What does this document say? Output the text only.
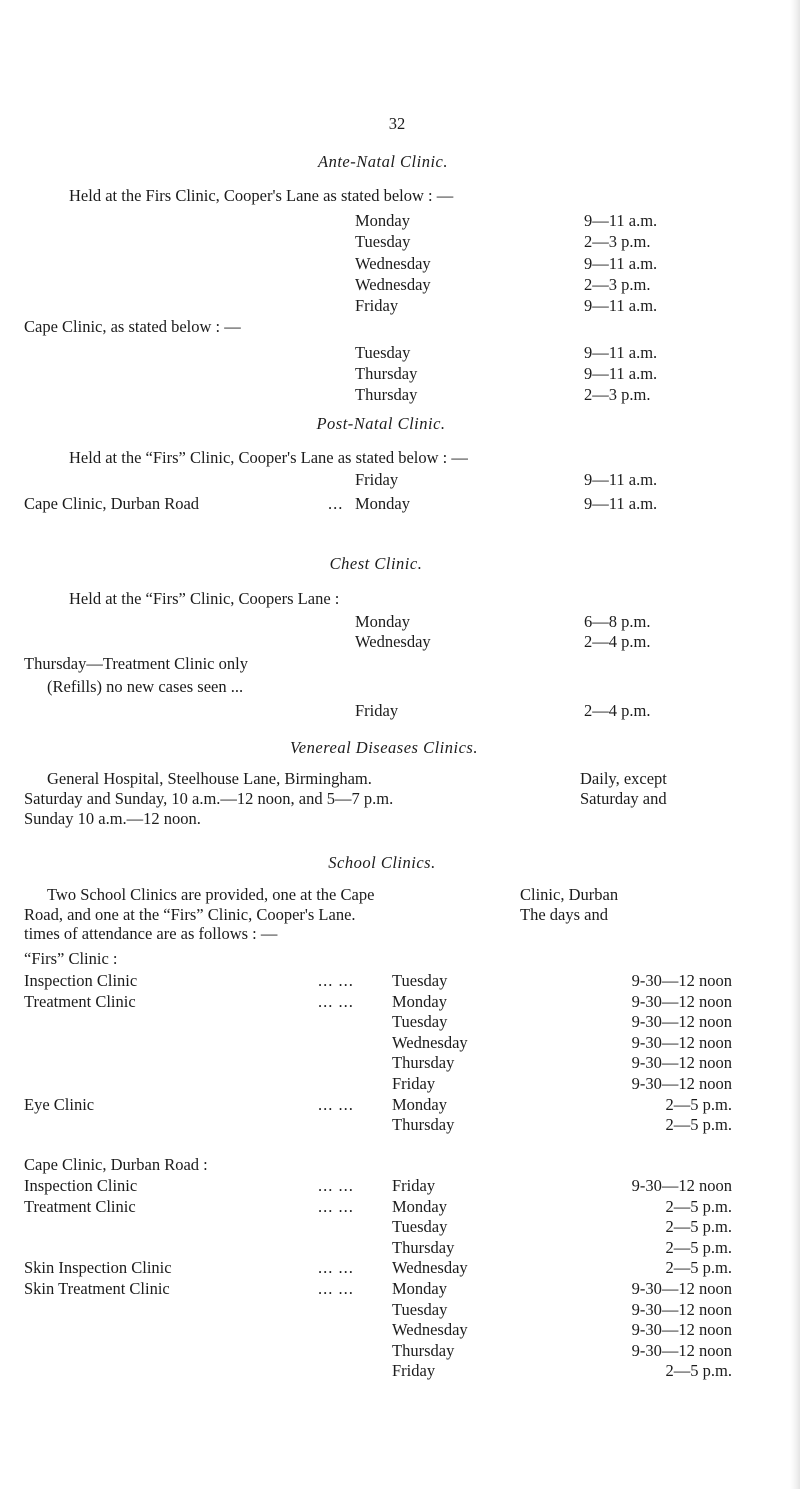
32
Ante-Natal Clinic.
Held at the Firs Clinic, Cooper's Lane as stated below : —
Monday	9—11 a.m.
Tuesday	2—3 p.m.
Wednesday	9—11 a.m.
Wednesday	2—3 p.m.
Friday	9—11 a.m.
Cape Clinic, as stated below : —
Tuesday	9—11 a.m.
Thursday	9—11 a.m.
Thursday	2—3 p.m.
Post-Natal Clinic.
Held at the “Firs” Clinic, Cooper's Lane as stated below : —
Friday	9—11 a.m.
Cape Clinic, Durban Road	... Monday	9—11 a.m.
Chest Clinic.
Held at the “Firs” Clinic, Coopers Lane :
Monday	6—8 p.m.
Wednesday	2—4 p.m.
Thursday—Treatment Clinic only
(Refills) no new cases seen ...
Friday	2—4 p.m.
Venereal Diseases Clinics.
General Hospital, Steelhouse Lane, Birmingham.	Daily, except
Saturday and Sunday, 10 a.m.—12 noon, and 5—7 p.m.	Saturday and
Sunday 10 a.m.—12 noon.
School Clinics.
Two School Clinics are provided, one at the Cape	Clinic, Durban
Road, and one at the “Firs” Clinic, Cooper's Lane.	The days and
times of attendance are as follows : —
“Firs” Clinic :
Inspection Clinic	... ... Tuesday	9-30—12 noon
Treatment Clinic	... ... Monday	9-30—12 noon
Tuesday	9-30—12 noon
Wednesday	9-30—12 noon
Thursday	9-30—12 noon
Friday	9-30—12 noon
Eye Clinic	... ... Monday	2—5 p.m.
Thursday	2—5 p.m.
Cape Clinic, Durban Road :
Inspection Clinic	... ... Friday	9-30—12 noon
Treatment Clinic	... ... Monday	2—5 p.m.
Tuesday	2—5 p.m.
Thursday	2—5 p.m.
Skin Inspection Clinic	... ... Wednesday	2—5 p.m.
Skin Treatment Clinic	... ... Monday	9-30—12 noon
Tuesday	9-30—12 noon
Wednesday	9-30—12 noon
Thursday	9-30—12 noon
Friday	2—5 p.m.
